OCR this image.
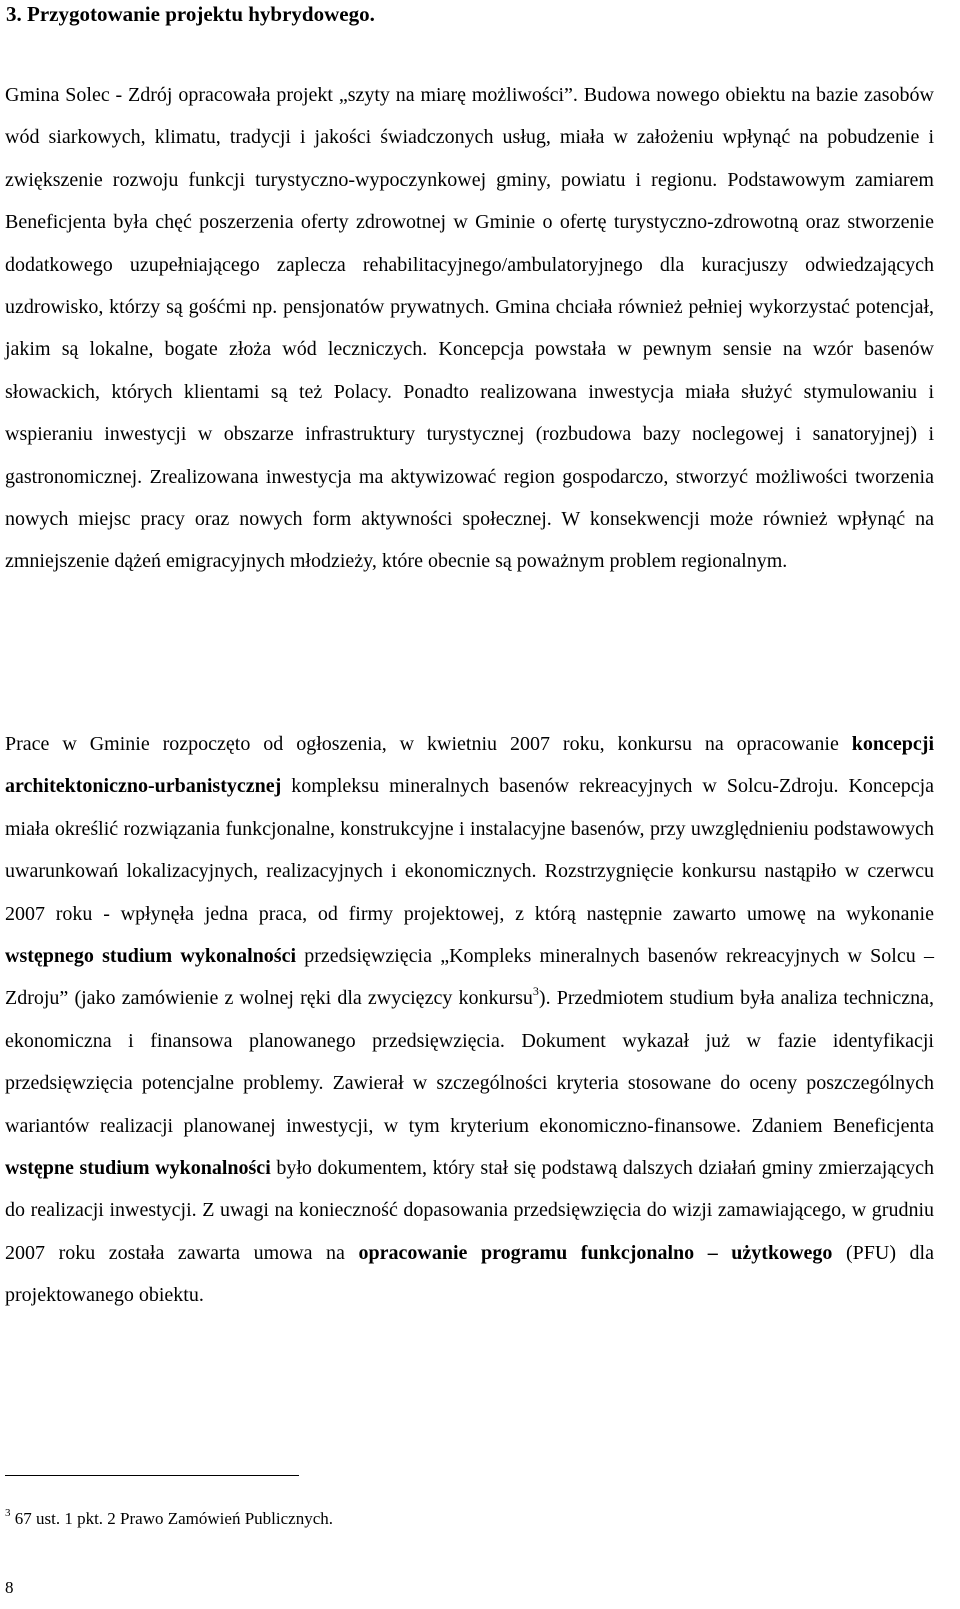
3. Przygotowanie projektu hybrydowego.

Gmina Solec - Zdrój opracowała projekt „szyty na miarę możliwości”. Budowa nowego obiektu na bazie zasobów wód siarkowych, klimatu, tradycji i jakości świadczonych usług, miała w założeniu wpłynąć na pobudzenie i zwiększenie rozwoju funkcji turystyczno-wypoczynkowej gminy, powiatu i regionu. Podstawowym zamiarem Beneficjenta była chęć poszerzenia oferty zdrowotnej w Gminie o ofertę turystyczno-zdrowotną oraz stworzenie dodatkowego uzupełniającego zaplecza rehabilitacyjnego/ambulatoryjnego dla kuracjuszy odwiedzających uzdrowisko, którzy są gośćmi np. pensjonatów prywatnych. Gmina chciała również pełniej wykorzystać potencjał, jakim są lokalne, bogate złoża wód leczniczych. Koncepcja powstała w pewnym sensie na wzór basenów słowackich, których klientami są też Polacy. Ponadto realizowana inwestycja miała służyć stymulowaniu i wspieraniu inwestycji w obszarze infrastruktury turystycznej (rozbudowa bazy noclegowej i sanatoryjnej) i gastronomicznej. Zrealizowana inwestycja ma aktywizować region gospodarczo, stworzyć możliwości tworzenia nowych miejsc pracy oraz nowych form aktywności społecznej. W konsekwencji może również wpłynąć na zmniejszenie dążeń emigracyjnych młodzieży, które obecnie są poważnym problem regionalnym.

Prace w Gminie rozpoczęto od ogłoszenia, w kwietniu 2007 roku, konkursu na opracowanie koncepcji architektoniczno-urbanistycznej kompleksu mineralnych basenów rekreacyjnych w Solcu-Zdroju. Koncepcja miała określić rozwiązania funkcjonalne, konstrukcyjne i instalacyjne basenów, przy uwzględnieniu podstawowych uwarunkowań lokalizacyjnych, realizacyjnych i ekonomicznych. Rozstrzygnięcie konkursu nastąpiło w czerwcu 2007 roku - wpłynęła jedna praca, od firmy projektowej, z którą następnie zawarto umowę na wykonanie wstępnego studium wykonalności przedsięwzięcia „Kompleks mineralnych basenów rekreacyjnych w Solcu – Zdroju” (jako zamówienie z wolnej ręki dla zwycięzcy konkursu$^3$). Przedmiotem studium była analiza techniczna, ekonomiczna i finansowa planowanego przedsięwzięcia. Dokument wykazał już w fazie identyfikacji przedsięwzięcia potencjalne problemy. Zawierał w szczególności kryteria stosowane do oceny poszczególnych wariantów realizacji planowanej inwestycji, w tym kryterium ekonomiczno-finansowe. Zdaniem Beneficjenta wstępne studium wykonalności było dokumentem, który stał się podstawą dalszych działań gminy zmierzających do realizacji inwestycji. Z uwagi na konieczność dopasowania przedsięwzięcia do wizji zamawiającego, w grudniu 2007 roku została zawarta umowa na opracowanie programu funkcjonalno – użytkowego (PFU) dla projektowanego obiektu.

$^3$ 67 ust. 1 pkt. 2 Prawo Zamówień Publicznych.

8
